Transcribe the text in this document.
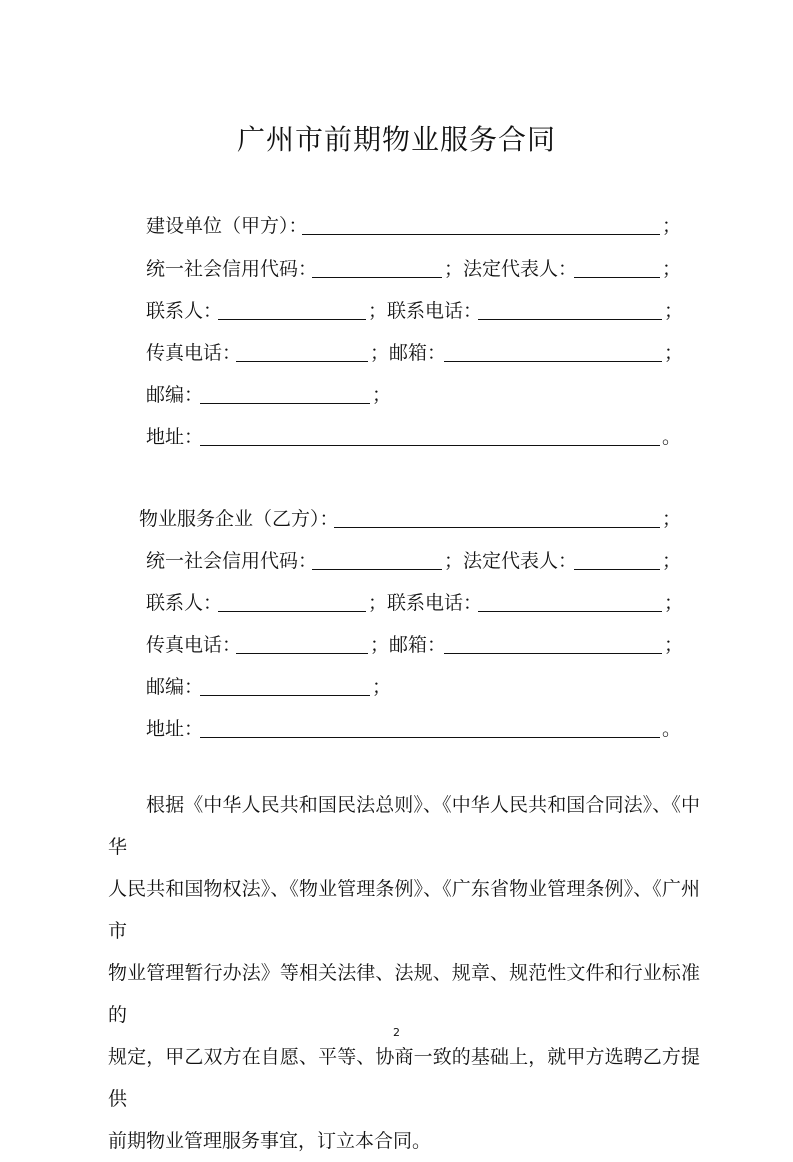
广州市前期物业服务合同
建设单位（甲方）：	；
统一社会信用代码：	；法定代表人：	；
联系人：	；联系电话：	；
传真电话：	；邮箱：	；
邮编：	；
地址：	。
物业服务企业（乙方）：	；
统一社会信用代码：	；法定代表人：	；
联系人：	；联系电话：	；
传真电话：	；邮箱：	；
邮编：	；
地址：	。

根据《中华人民共和国民法总则》、《中华人民共和国合同法》、《中华

人民共和国物权法》、《物业管理条例》、《广东省物业管理条例》、《广州市

物业管理暂行办法》等相关法律、法规、规章、规范性文件和行业标准的

规定，甲乙双方在自愿、平等、协商一致的基础上，就甲方选聘乙方提供

前期物业管理服务事宜，订立本合同。

2
